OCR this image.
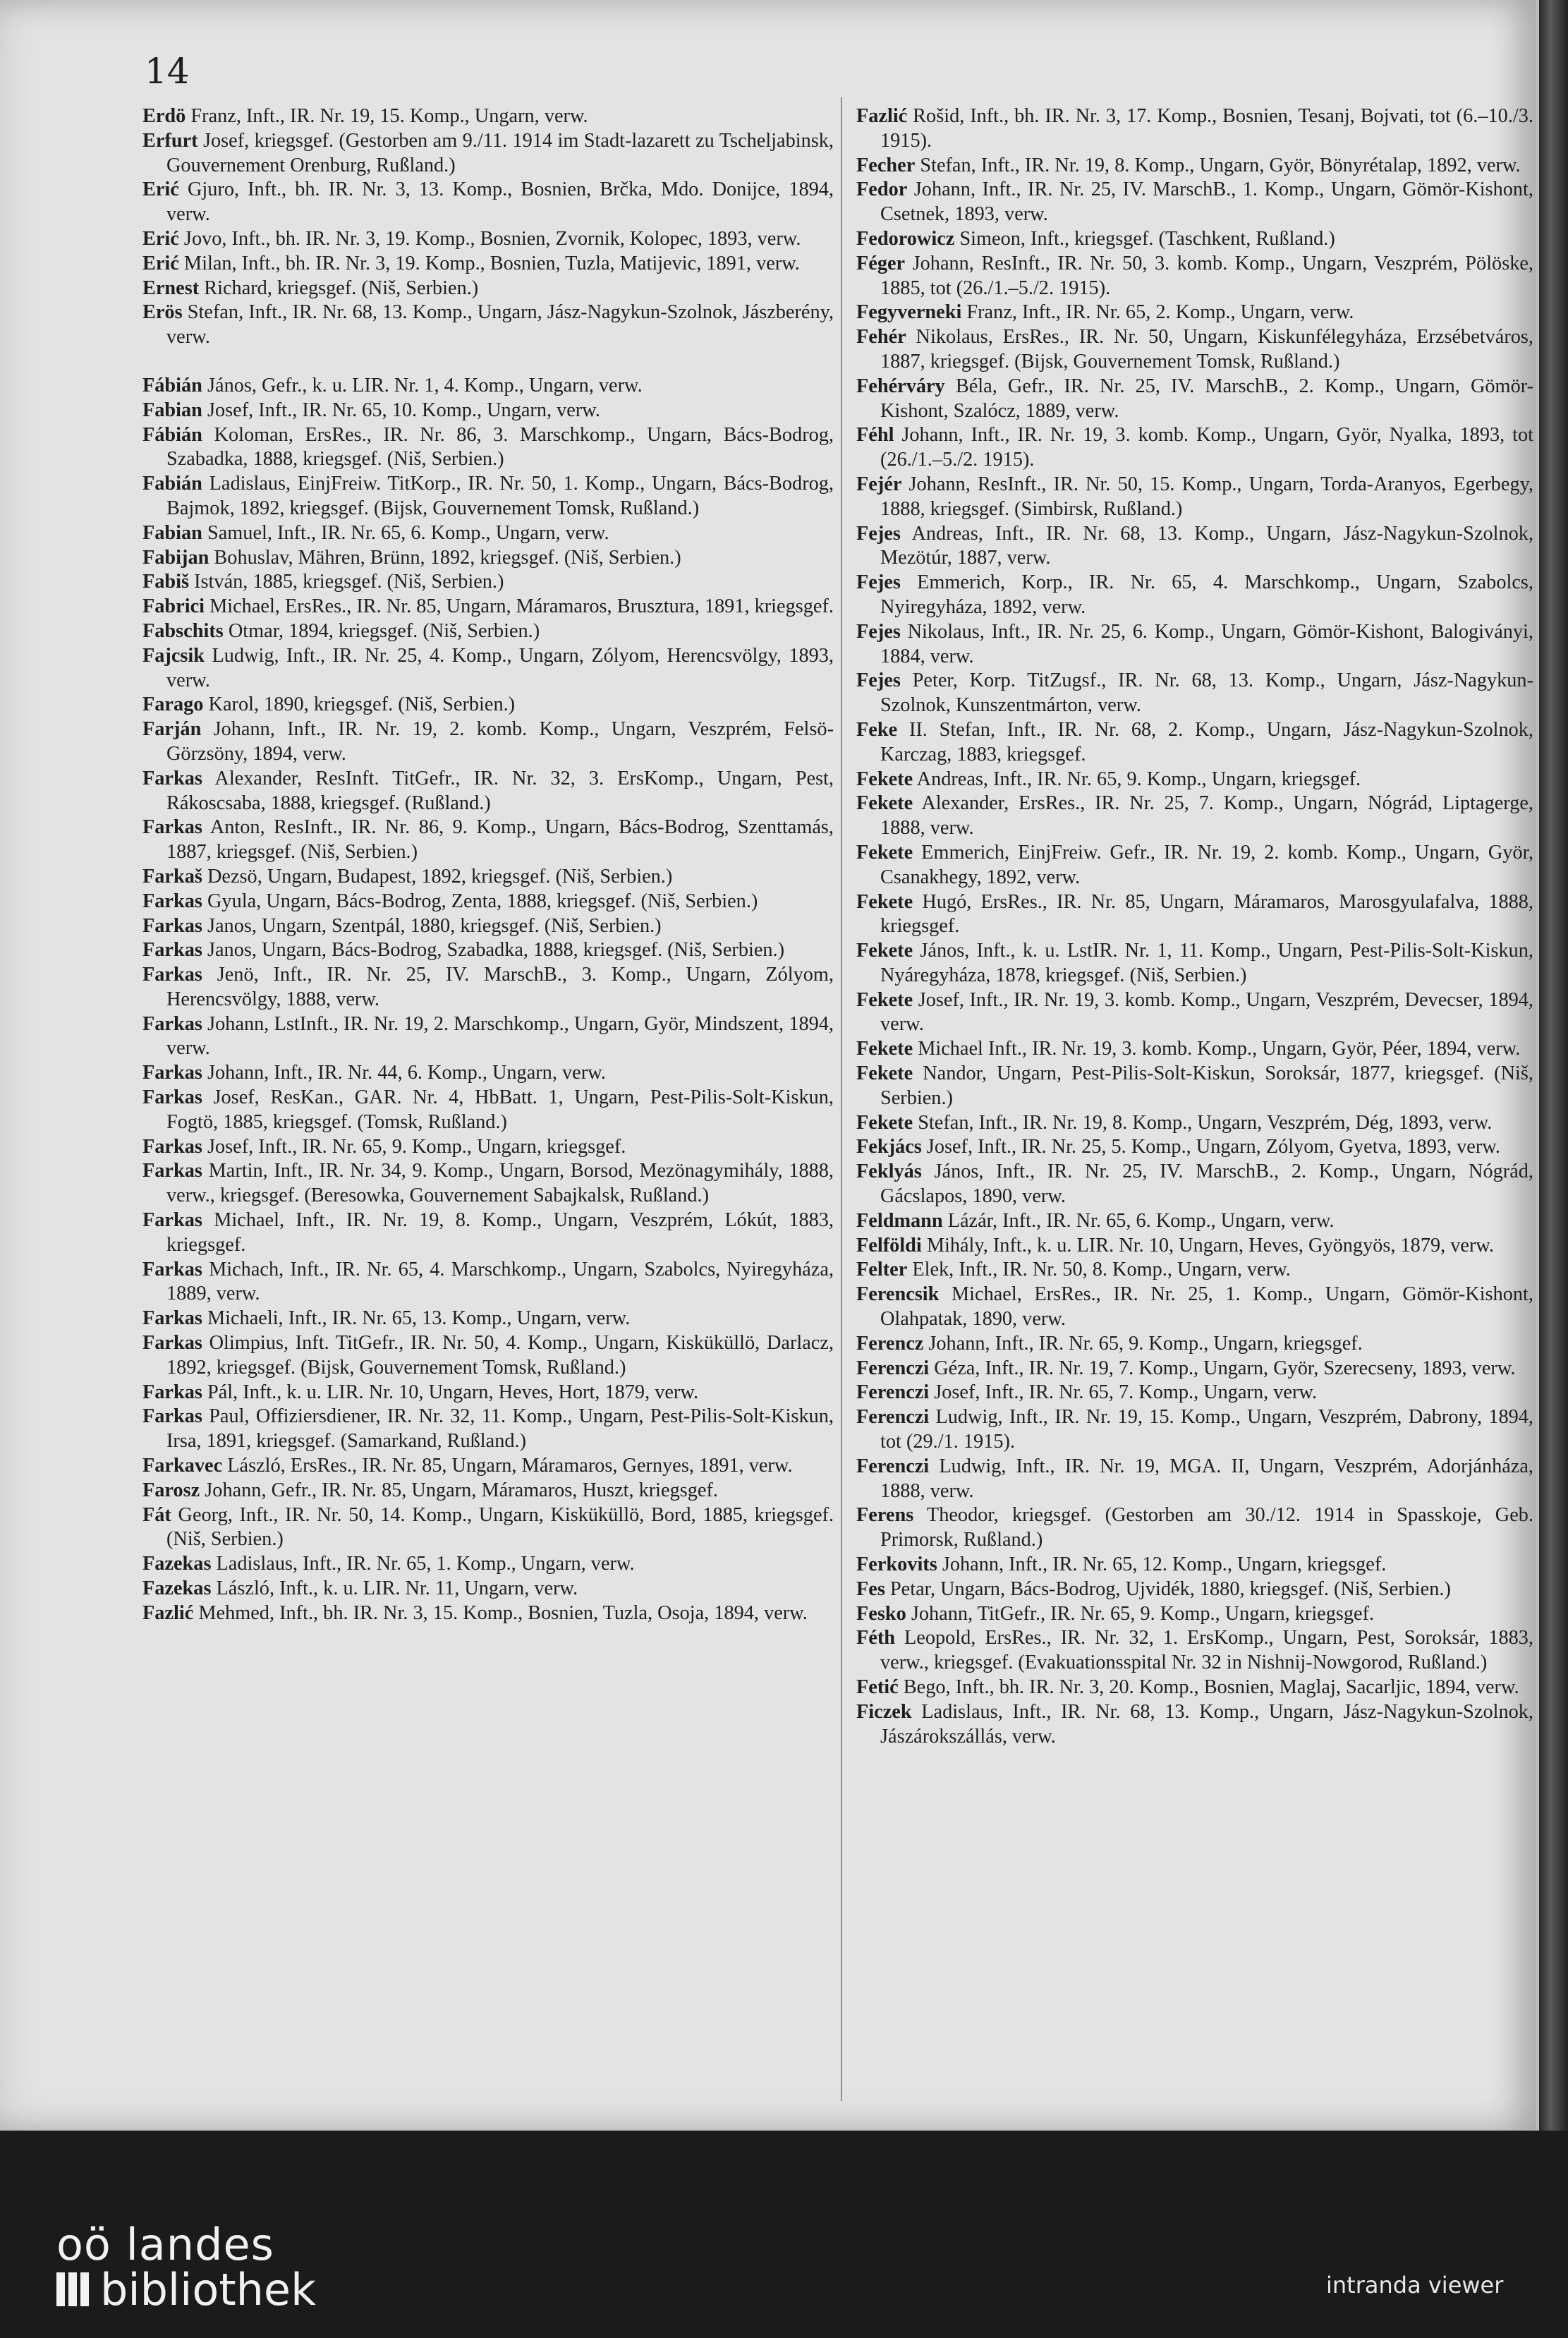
14

Erdö Franz, Inft., IR. Nr. 19, 15. Komp., Ungarn, verw.

Erfurt Josef, kriegsgef. (Gestorben am 9./11. 1914 im Stadt-lazarett zu Tscheljabinsk, Gouvernement Orenburg, Rußland.)

Erić Gjuro, Inft., bh. IR. Nr. 3, 13. Komp., Bosnien, Brčka, Mdo. Donijce, 1894, verw.

Erić Jovo, Inft., bh. IR. Nr. 3, 19. Komp., Bosnien, Zvornik, Kolopec, 1893, verw.

Erić Milan, Inft., bh. IR. Nr. 3, 19. Komp., Bosnien, Tuzla, Matijevic, 1891, verw.

Ernest Richard, kriegsgef. (Niš, Serbien.)

Erös Stefan, Inft., IR. Nr. 68, 13. Komp., Ungarn, Jász-Nagykun-Szolnok, Jászberény, verw.

Fábián János, Gefr., k. u. LIR. Nr. 1, 4. Komp., Ungarn, verw.

Fabian Josef, Inft., IR. Nr. 65, 10. Komp., Ungarn, verw.

Fábián Koloman, ErsRes., IR. Nr. 86, 3. Marschkomp., Ungarn, Bács-Bodrog, Szabadka, 1888, kriegsgef. (Niš, Serbien.)

Fabián Ladislaus, EinjFreiw. TitKorp., IR. Nr. 50, 1. Komp., Ungarn, Bács-Bodrog, Bajmok, 1892, kriegsgef. (Bijsk, Gouvernement Tomsk, Rußland.)

Fabian Samuel, Inft., IR. Nr. 65, 6. Komp., Ungarn, verw.

Fabijan Bohuslav, Mähren, Brünn, 1892, kriegsgef. (Niš, Serbien.)

Fabiš István, 1885, kriegsgef. (Niš, Serbien.)

Fabrici Michael, ErsRes., IR. Nr. 85, Ungarn, Máramaros, Brusztura, 1891, kriegsgef.

Fabschits Otmar, 1894, kriegsgef. (Niš, Serbien.)

Fajcsik Ludwig, Inft., IR. Nr. 25, 4. Komp., Ungarn, Zólyom, Herencsvölgy, 1893, verw.

Farago Karol, 1890, kriegsgef. (Niš, Serbien.)

Farján Johann, Inft., IR. Nr. 19, 2. komb. Komp., Ungarn, Veszprém, Felsö-Görzsöny, 1894, verw.

Farkas Alexander, ResInft. TitGefr., IR. Nr. 32, 3. ErsKomp., Ungarn, Pest, Rákoscsaba, 1888, kriegsgef. (Rußland.)

Farkas Anton, ResInft., IR. Nr. 86, 9. Komp., Ungarn, Bács-Bodrog, Szenttamás, 1887, kriegsgef. (Niš, Serbien.)

Farkaš Dezsö, Ungarn, Budapest, 1892, kriegsgef. (Niš, Serbien.)

Farkas Gyula, Ungarn, Bács-Bodrog, Zenta, 1888, kriegsgef. (Niš, Serbien.)

Farkas Janos, Ungarn, Szentpál, 1880, kriegsgef. (Niš, Serbien.)

Farkas Janos, Ungarn, Bács-Bodrog, Szabadka, 1888, kriegsgef. (Niš, Serbien.)

Farkas Jenö, Inft., IR. Nr. 25, IV. MarschB., 3. Komp., Ungarn, Zólyom, Herencsvölgy, 1888, verw.

Farkas Johann, LstInft., IR. Nr. 19, 2. Marschkomp., Ungarn, Györ, Mindszent, 1894, verw.

Farkas Johann, Inft., IR. Nr. 44, 6. Komp., Ungarn, verw.

Farkas Josef, ResKan., GAR. Nr. 4, HbBatt. 1, Ungarn, Pest-Pilis-Solt-Kiskun, Fogtö, 1885, kriegsgef. (Tomsk, Rußland.)

Farkas Josef, Inft., IR. Nr. 65, 9. Komp., Ungarn, kriegsgef.

Farkas Martin, Inft., IR. Nr. 34, 9. Komp., Ungarn, Borsod, Mezönagymihály, 1888, verw., kriegsgef. (Beresowka, Gouvernement Sabajkalsk, Rußland.)

Farkas Michael, Inft., IR. Nr. 19, 8. Komp., Ungarn, Veszprém, Lókút, 1883, kriegsgef.

Farkas Michach, Inft., IR. Nr. 65, 4. Marschkomp., Ungarn, Szabolcs, Nyiregyháza, 1889, verw.

Farkas Michaeli, Inft., IR. Nr. 65, 13. Komp., Ungarn, verw.

Farkas Olimpius, Inft. TitGefr., IR. Nr. 50, 4. Komp., Ungarn, Kisküküllö, Darlacz, 1892, kriegsgef. (Bijsk, Gouvernement Tomsk, Rußland.)

Farkas Pál, Inft., k. u. LIR. Nr. 10, Ungarn, Heves, Hort, 1879, verw.

Farkas Paul, Offiziersdiener, IR. Nr. 32, 11. Komp., Ungarn, Pest-Pilis-Solt-Kiskun, Irsa, 1891, kriegsgef. (Samarkand, Rußland.)

Farkavec László, ErsRes., IR. Nr. 85, Ungarn, Máramaros, Gernyes, 1891, verw.

Farosz Johann, Gefr., IR. Nr. 85, Ungarn, Máramaros, Huszt, kriegsgef.

Fát Georg, Inft., IR. Nr. 50, 14. Komp., Ungarn, Kisküküllö, Bord, 1885, kriegsgef. (Niš, Serbien.)

Fazekas Ladislaus, Inft., IR. Nr. 65, 1. Komp., Ungarn, verw.

Fazekas László, Inft., k. u. LIR. Nr. 11, Ungarn, verw.

Fazlić Mehmed, Inft., bh. IR. Nr. 3, 15. Komp., Bosnien, Tuzla, Osoja, 1894, verw.

Fazlić Rošid, Inft., bh. IR. Nr. 3, 17. Komp., Bosnien, Tesanj, Bojvati, tot (6.–10./3. 1915).

Fecher Stefan, Inft., IR. Nr. 19, 8. Komp., Ungarn, Györ, Bönyrétalap, 1892, verw.

Fedor Johann, Inft., IR. Nr. 25, IV. MarschB., 1. Komp., Ungarn, Gömör-Kishont, Csetnek, 1893, verw.

Fedorowicz Simeon, Inft., kriegsgef. (Taschkent, Rußland.)

Féger Johann, ResInft., IR. Nr. 50, 3. komb. Komp., Ungarn, Veszprém, Pölöske, 1885, tot (26./1.–5./2. 1915).

Fegyverneki Franz, Inft., IR. Nr. 65, 2. Komp., Ungarn, verw.

Fehér Nikolaus, ErsRes., IR. Nr. 50, Ungarn, Kiskunfélegyháza, Erzsébetváros, 1887, kriegsgef. (Bijsk, Gouvernement Tomsk, Rußland.)

Fehérváry Béla, Gefr., IR. Nr. 25, IV. MarschB., 2. Komp., Ungarn, Gömör-Kishont, Szalócz, 1889, verw.

Féhl Johann, Inft., IR. Nr. 19, 3. komb. Komp., Ungarn, Györ, Nyalka, 1893, tot (26./1.–5./2. 1915).

Fejér Johann, ResInft., IR. Nr. 50, 15. Komp., Ungarn, Torda-Aranyos, Egerbegy, 1888, kriegsgef. (Simbirsk, Rußland.)

Fejes Andreas, Inft., IR. Nr. 68, 13. Komp., Ungarn, Jász-Nagykun-Szolnok, Mezötúr, 1887, verw.

Fejes Emmerich, Korp., IR. Nr. 65, 4. Marschkomp., Ungarn, Szabolcs, Nyiregyháza, 1892, verw.

Fejes Nikolaus, Inft., IR. Nr. 25, 6. Komp., Ungarn, Gömör-Kishont, Balogiványi, 1884, verw.

Fejes Peter, Korp. TitZugsf., IR. Nr. 68, 13. Komp., Ungarn, Jász-Nagykun-Szolnok, Kunszentmárton, verw.

Feke II. Stefan, Inft., IR. Nr. 68, 2. Komp., Ungarn, Jász-Nagykun-Szolnok, Karczag, 1883, kriegsgef.

Fekete Andreas, Inft., IR. Nr. 65, 9. Komp., Ungarn, kriegsgef.

Fekete Alexander, ErsRes., IR. Nr. 25, 7. Komp., Ungarn, Nógrád, Liptagerge, 1888, verw.

Fekete Emmerich, EinjFreiw. Gefr., IR. Nr. 19, 2. komb. Komp., Ungarn, Györ, Csanakhegy, 1892, verw.

Fekete Hugó, ErsRes., IR. Nr. 85, Ungarn, Máramaros, Marosgyulafalva, 1888, kriegsgef.

Fekete János, Inft., k. u. LstIR. Nr. 1, 11. Komp., Ungarn, Pest-Pilis-Solt-Kiskun, Nyáregyháza, 1878, kriegsgef. (Niš, Serbien.)

Fekete Josef, Inft., IR. Nr. 19, 3. komb. Komp., Ungarn, Veszprém, Devecser, 1894, verw.

Fekete Michael Inft., IR. Nr. 19, 3. komb. Komp., Ungarn, Györ, Péer, 1894, verw.

Fekete Nandor, Ungarn, Pest-Pilis-Solt-Kiskun, Soroksár, 1877, kriegsgef. (Niš, Serbien.)

Fekete Stefan, Inft., IR. Nr. 19, 8. Komp., Ungarn, Veszprém, Dég, 1893, verw.

Fekjács Josef, Inft., IR. Nr. 25, 5. Komp., Ungarn, Zólyom, Gyetva, 1893, verw.

Feklyás János, Inft., IR. Nr. 25, IV. MarschB., 2. Komp., Ungarn, Nógrád, Gácslapos, 1890, verw.

Feldmann Lázár, Inft., IR. Nr. 65, 6. Komp., Ungarn, verw.

Felföldi Mihály, Inft., k. u. LIR. Nr. 10, Ungarn, Heves, Gyöngyös, 1879, verw.

Felter Elek, Inft., IR. Nr. 50, 8. Komp., Ungarn, verw.

Ferencsik Michael, ErsRes., IR. Nr. 25, 1. Komp., Ungarn, Gömör-Kishont, Olahpatak, 1890, verw.

Ferencz Johann, Inft., IR. Nr. 65, 9. Komp., Ungarn, kriegsgef.

Ferenczi Géza, Inft., IR. Nr. 19, 7. Komp., Ungarn, Györ, Szerecseny, 1893, verw.

Ferenczi Josef, Inft., IR. Nr. 65, 7. Komp., Ungarn, verw.

Ferenczi Ludwig, Inft., IR. Nr. 19, 15. Komp., Ungarn, Veszprém, Dabrony, 1894, tot (29./1. 1915).

Ferenczi Ludwig, Inft., IR. Nr. 19, MGA. II, Ungarn, Veszprém, Adorjánháza, 1888, verw.

Ferens Theodor, kriegsgef. (Gestorben am 30./12. 1914 in Spasskoje, Geb. Primorsk, Rußland.)

Ferkovits Johann, Inft., IR. Nr. 65, 12. Komp., Ungarn, kriegsgef.

Fes Petar, Ungarn, Bács-Bodrog, Ujvidék, 1880, kriegsgef. (Niš, Serbien.)

Fesko Johann, TitGefr., IR. Nr. 65, 9. Komp., Ungarn, kriegsgef.

Féth Leopold, ErsRes., IR. Nr. 32, 1. ErsKomp., Ungarn, Pest, Soroksár, 1883, verw., kriegsgef. (Evakuationsspital Nr. 32 in Nishnij-Nowgorod, Rußland.)

Fetić Bego, Inft., bh. IR. Nr. 3, 20. Komp., Bosnien, Maglaj, Sacarljic, 1894, verw.

Ficzek Ladislaus, Inft., IR. Nr. 68, 13. Komp., Ungarn, Jász-Nagykun-Szolnok, Jászárokszállás, verw.

oö landes
bibliothek	intranda viewer
